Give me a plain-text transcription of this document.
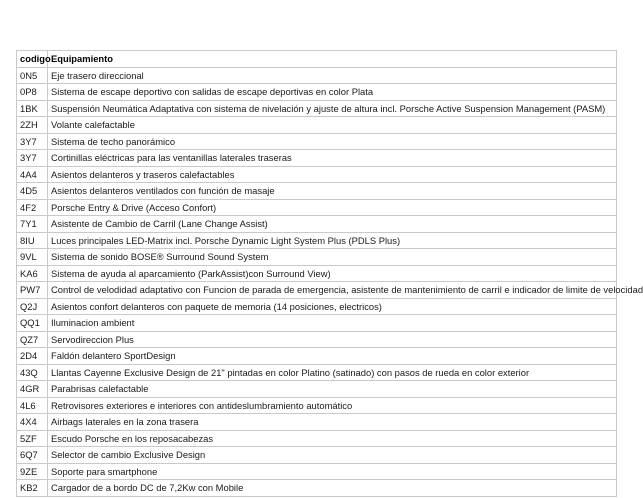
codigo	Equipamiento
0N5	Eje trasero direccional
0P8	Sistema de escape deportivo con salidas de escape deportivas en color Plata
1BK	Suspensión Neumática Adaptativa con sistema de nivelación y ajuste de altura incl. Porsche Active Suspension Management (PASM)
2ZH	Volante calefactable
3Y7	Sistema de techo panorámico
3Y7	Cortinillas eléctricas para las ventanillas laterales traseras
4A4	Asientos delanteros y traseros calefactables
4D5	Asientos delanteros ventilados con función de masaje
4F2	Porsche Entry & Drive (Acceso Confort)
7Y1	Asistente de Cambio de Carril (Lane Change Assist)
8IU	Luces principales LED-Matrix incl. Porsche Dynamic Light System Plus (PDLS Plus)
9VL	Sistema de sonido BOSE® Surround Sound System
KA6	Sistema de ayuda al aparcamiento (ParkAssist)con Surround View)
PW7	Control de velodidad adaptativo con Funcion de parada de emergencia, asistente de mantenimiento de carril e indicador de limite de velocidad
Q2J	Asientos confort delanteros con paquete de memoria (14 posiciones, electricos)
QQ1	Iluminacion ambient
QZ7	Servodireccion Plus
2D4	Faldón delantero SportDesign
43Q	Llantas Cayenne Exclusive Design de 21" pintadas en color Platino (satinado) con pasos de rueda en color exterior
4GR	Parabrisas calefactable
4L6	Retrovisores exteriores e interiores con antideslumbramiento automático
4X4	Airbags laterales en la zona trasera
5ZF	Escudo Porsche en los reposacabezas
6Q7	Selector de cambio Exclusive Design
9ZE	Soporte para smartphone
KB2	Cargador de a bordo DC de 7,2Kw con Mobile
